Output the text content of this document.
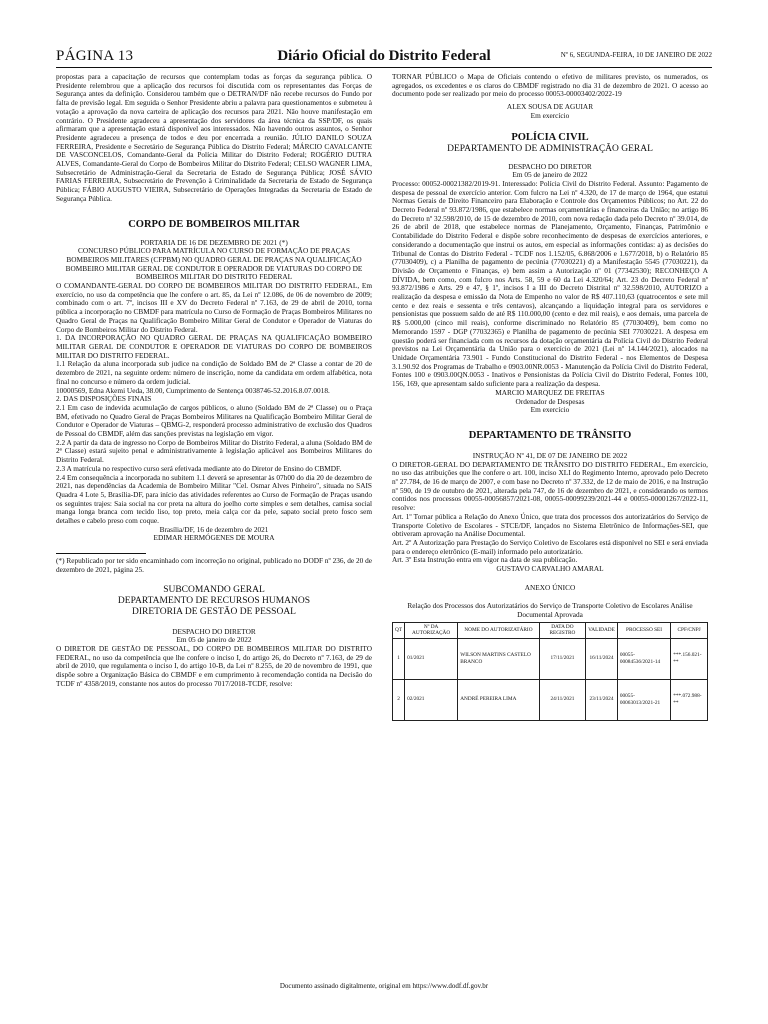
PÁGINA 13	Diário Oficial do Distrito Federal	Nº 6, SEGUNDA-FEIRA, 10 DE JANEIRO DE 2022

propostas para a capacitação de recursos que contemplam todas as forças da segurança pública. O Presidente relembrou que a aplicação dos recursos foi discutida com os representantes das Forças de Segurança antes da definição. Considerou também que o DETRAN/DF não recebe recursos do Fundo por falta de previsão legal. Em seguida o Senhor Presidente abriu a palavra para questionamentos e submeteu à votação a aprovação da nova carteira de aplicação dos recursos para 2021. Não houve manifestação em contrário. O Presidente agradeceu a apresentação dos servidores da área técnica da SSP/DF, os quais afirmaram que a apresentação estará disponível aos interessados. Não havendo outros assuntos, o Senhor Presidente agradeceu a presença de todos e deu por encerrada a reunião. JÚLIO DANILO SOUZA FERREIRA, Presidente e Secretário de Segurança Pública do Distrito Federal; MÁRCIO CAVALCANTE DE VASCONCELOS, Comandante-Geral da Polícia Militar do Distrito Federal; ROGÉRIO DUTRA ALVES, Comandante-Geral do Corpo de Bombeiros Militar do Distrito Federal; CELSO WAGNER LIMA, Subsecretário de Administração-Geral da Secretaria de Estado de Segurança Pública; JOSÉ SÁVIO FARIAS FERREIRA, Subsecretário de Prevenção à Criminalidade da Secretaria de Estado de Segurança Pública; FÁBIO AUGUSTO VIEIRA, Subsecretário de Operações Integradas da Secretaria de Estado de Segurança Pública.

CORPO DE BOMBEIROS MILITAR

PORTARIA DE 16 DE DEZEMBRO DE 2021 (*)

CONCURSO PÚBLICO PARA MATRÍCULA NO CURSO DE FORMAÇÃO DE PRAÇAS BOMBEIROS MILITARES (CFPBM) NO QUADRO GERAL DE PRAÇAS NA QUALIFICAÇÃO BOMBEIRO MILITAR GERAL DE CONDUTOR E OPERADOR DE VIATURAS DO CORPO DE BOMBEIROS MILITAR DO DISTRITO FEDERAL

O COMANDANTE-GERAL DO CORPO DE BOMBEIROS MILITAR DO DISTRITO FEDERAL, Em exercício, no uso da competência que lhe confere o art. 85, da Lei nº 12.086, de 06 de novembro de 2009; combinado com o art. 7º, incisos III e XV do Decreto Federal nº 7.163, de 29 de abril de 2010, torna pública a incorporação no CBMDF para matrícula no Curso de Formação de Praças Bombeiros Militares no Quadro Geral de Praças na Qualificação Bombeiro Militar Geral de Condutor e Operador de Viaturas do Corpo de Bombeiros Militar do Distrito Federal.

1. DA INCORPORAÇÃO NO QUADRO GERAL DE PRAÇAS NA QUALIFICAÇÃO BOMBEIRO MILITAR GERAL DE CONDUTOR E OPERADOR DE VIATURAS DO CORPO DE BOMBEIROS MILITAR DO DISTRITO FEDERAL.

1.1 Relação da aluna incorporada sub judice na condição de Soldado BM de 2ª Classe a contar de 20 de dezembro de 2021, na seguinte ordem: número de inscrição, nome da candidata em ordem alfabética, nota final no concurso e número da ordem judicial.

10000569, Edna Akemi Ueda, 38.00, Cumprimento de Sentença 0038746-52.2016.8.07.0018.

2. DAS DISPOSIÇÕES FINAIS

2.1 Em caso de indevida acumulação de cargos públicos, o aluno (Soldado BM de 2ª Classe) ou o Praça BM, efetivado no Quadro Geral de Praças Bombeiros Militares na Qualificação Bombeiro Militar Geral de Condutor e Operador de Viaturas – QBMG-2, responderá processo administrativo de exclusão dos Quadros de Pessoal do CBMDF, além das sanções previstas na legislação em vigor.

2.2 A partir da data de ingresso no Corpo de Bombeiros Militar do Distrito Federal, a aluna (Soldado BM de 2ª Classe) estará sujeito penal e administrativamente à legislação aplicável aos Bombeiros Militares do Distrito Federal.

2.3 A matrícula no respectivo curso será efetivada mediante ato do Diretor de Ensino do CBMDF.

2.4 Em consequência a incorporada no subitem 1.1 deverá se apresentar às 07h00 do dia 20 de dezembro de 2021, nas dependências da Academia de Bombeiro Militar "Cel. Osmar Alves Pinheiro", situada no SAIS Quadra 4 Lote 5, Brasília-DF, para início das atividades referentes ao Curso de Formação de Praças usando os seguintes trajes: Saia social na cor preta na altura do joelho corte simples e sem detalhes, camisa social manga longa branca com tecido liso, top preto, meia calça cor da pele, sapato social preto fosco sem detalhes e cabelo preso com coque.

Brasília/DF, 16 de dezembro de 2021

EDIMAR HERMÓGENES DE MOURA

(*) Republicado por ter sido encaminhado com incorreção no original, publicado no DODF nº 236, de 20 de dezembro de 2021, página 25.

SUBCOMANDO GERAL

DEPARTAMENTO DE RECURSOS HUMANOS

DIRETORIA DE GESTÃO DE PESSOAL

DESPACHO DO DIRETOR

Em 05 de janeiro de 2022

O DIRETOR DE GESTÃO DE PESSOAL, DO CORPO DE BOMBEIROS MILITAR DO DISTRITO FEDERAL, no uso da competência que lhe confere o inciso I, do artigo 26, do Decreto nº 7.163, de 29 de abril de 2010, que regulamenta o inciso I, do artigo 10-B, da Lei nº 8.255, de 20 de novembro de 1991, que dispõe sobre a Organização Básica do CBMDF e em cumprimento à recomendação contida na Decisão do TCDF nº 4358/2019, constante nos autos do processo 7017/2018-TCDF, resolve:

TORNAR PÚBLICO o Mapa de Oficiais contendo o efetivo de militares previsto, os numerados, os agregados, os excedentes e os claros do CBMDF registrado no dia 31 de dezembro de 2021. O acesso ao documento pode ser realizado por meio do processo 00053-00003402/2022-19

ALEX SOUSA DE AGUIAR

Em exercício

POLÍCIA CIVIL

DEPARTAMENTO DE ADMINISTRAÇÃO GERAL

DESPACHO DO DIRETOR

Em 05 de janeiro de 2022

Processo: 00052-00021382/2019-91. Interessado: Polícia Civil do Distrito Federal. Assunto: Pagamento de despesa de pessoal de exercício anterior. Com fulcro na Lei nº 4.320, de 17 de março de 1964, que estatui Normas Gerais de Direito Financeiro para Elaboração e Controle dos Orçamentos Públicos; no Art. 22 do Decreto Federal nº 93.872/1986, que estabelece normas orçamentárias e financeiras da União; no artigo 86 do Decreto nº 32.598/2010, de 15 de dezembro de 2010, com nova redação dada pelo Decreto nº 39.014, de 26 de abril de 2018, que estabelece normas de Planejamento, Orçamento, Finanças, Patrimônio e Contabilidade do Distrito Federal e dispõe sobre reconhecimento de despesas de exercícios anteriores, e considerando a documentação que instrui os autos, em especial as informações contidas: a) as decisões do Tribunal de Contas do Distrito Federal - TCDF nos 1.152/05, 6.868/2006 e 1.677/2018, b) o Relatório 85 (77030409), c) a Planilha de pagamento de pecúnia (77030221) d) a Manifestação 5545 (77030221), da Divisão de Orçamento e Finanças, e) bem assim a Autorização nº 01 (77342530); RECONHEÇO A DÍVIDA, bem como, com fulcro nos Arts. 58, 59 e 60 da Lei 4.320/64; Art. 23 do Decreto Federal nº 93.872/1986 e Arts. 29 e 47, § 1º, incisos I a III do Decreto Distrital nº 32.598/2010, AUTORIZO a realização da despesa e emissão da Nota de Empenho no valor de R$ 407.110,63 (quatrocentos e sete mil cento e dez reais e sessenta e três centavos), alcançando a liquidação integral para os servidores e pensionistas que possuem saldo de até R$ 110.000,00 (cento e dez mil reais), e aos demais, uma parcela de R$ 5.000,00 (cinco mil reais), conforme discriminado no Relatório 85 (77030409), bem como no Memorando 1597 - DGP (77032365) e Planilha de pagamento de pecúnia SEI 77030221. A despesa em questão poderá ser financiada com os recursos da dotação orçamentária da Polícia Civil do Distrito Federal previstos na Lei Orçamentária da União para o exercício de 2021 (Lei nº 14.144/2021), alocados na Unidade Orçamentária 73.901 - Fundo Constitucional do Distrito Federal - nos Elementos de Despesa 3.1.90.92 dos Programas de Trabalho e 0903.00NR.0053 - Manutenção da Polícia Civil do Distrito Federal, Fontes 100 e 0903.00QN.0053 - Inativos e Pensionistas da Polícia Civil do Distrito Federal, Fontes 100, 156, 169, que apresentam saldo suficiente para a realização da despesa.

MARCIO MARQUEZ DE FREITAS

Ordenador de Despesas

Em exercício

DEPARTAMENTO DE TRÂNSITO

INSTRUÇÃO Nº 41, DE 07 DE JANEIRO DE 2022

O DIRETOR-GERAL DO DEPARTAMENTO DE TRÂNSITO DO DISTRITO FEDERAL, Em exercício, no uso das atribuições que lhe confere o art. 100, inciso XLI do Regimento Interno, aprovado pelo Decreto nº 27.784, de 16 de março de 2007, e com base no Decreto nº 37.332, de 12 de maio de 2016, e na Instrução nº 590, de 19 de outubro de 2021, alterada pela 747, de 16 de dezembro de 2021, e considerando os termos contidos nos processos 00055-00056857/2021-08, 00055-00099239/2021-44 e 00055-00001267/2022-11, resolve:

Art. 1º Tornar pública a Relação do Anexo Único, que trata dos processos dos autorizatários do Serviço de Transporte Coletivo de Escolares - STCE/DF, lançados no Sistema Eletrônico de Informações-SEI, que obtiveram aprovação na Análise Documental.

Art. 2º A Autorização para Prestação do Serviço Coletivo de Escolares está disponível no SEI e será enviada para o endereço eletrônico (E-mail) informado pelo autorizatário.

Art. 3º Esta Instrução entra em vigor na data de sua publicação.

GUSTAVO CARVALHO AMARAL

ANEXO ÚNICO

Relação dos Processos dos Autorizatários do Serviço de Transporte Coletivo de Escolares Análise Documental Aprovada

QT	Nº DA AUTORIZAÇÃO	NOME DO AUTORIZATÁRIO	DATA DO REGISTRO	VALIDADE	PROCESSO SEI	CPF/CNPJ
1	01/2021	WILSON MARTINS CASTELO BRANCO	17/11/2021	16/11/2024	00055-00084536/2021-14	***.156.021-**
2	02/2021	ANDRÉ PEREIRA LIMA	24/11/2021	23/11/2024	00055-00063013/2021-21	***.072.988-**
Documento assinado digitalmente, original em https://www.dodf.df.gov.br
